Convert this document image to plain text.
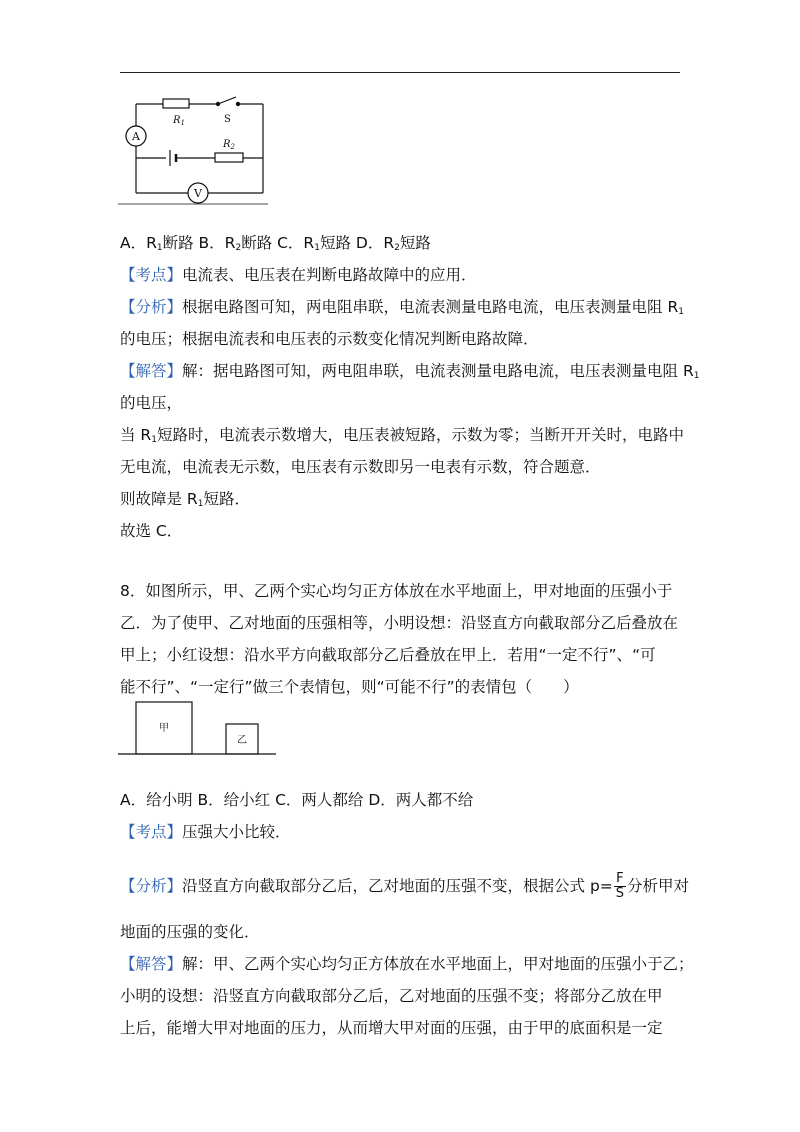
A
V
$R_1$	S
$R_2$
A．$R_1$断路 B．$R_2$断路 C．$R_1$短路 D．$R_2$短路
【考点】电流表、电压表在判断电路故障中的应用．
【分析】根据电路图可知，两电阻串联，电流表测量电路电流，电压表测量电阻 $R_1$
的电压；根据电流表和电压表的示数变化情况判断电路故障．
【解答】解：据电路图可知，两电阻串联，电流表测量电路电流，电压表测量电阻 $R_1$
的电压，
当 $R_1$短路时，电流表示数增大，电压表被短路，示数为零；当断开开关时，电路中
无电流，电流表无示数，电压表有示数即另一电表有示数，符合题意．
则故障是 $R_1$短路．
故选 C．
8．如图所示，甲、乙两个实心均匀正方体放在水平地面上，甲对地面的压强小于
乙．为了使甲、乙对地面的压强相等，小明设想：沿竖直方向截取部分乙后叠放在
甲上；小红设想：沿水平方向截取部分乙后叠放在甲上．若用“一定不行”、“可
能不行”、“一定行”做三个表情包，则“可能不行”的表情包（　　）
甲
乙
A．给小明 B．给小红 C．两人都给 D．两人都不给
【考点】压强大小比较．
【分析】沿竖直方向截取部分乙后，乙对地面的压强不变，根据公式 $p= \frac{F}{S}$ 分析甲对
地面的压强的变化．
【解答】解：甲、乙两个实心均匀正方体放在水平地面上，甲对地面的压强小于乙；
小明的设想：沿竖直方向截取部分乙后，乙对地面的压强不变；将部分乙放在甲
上后，能增大甲对地面的压力，从而增大甲对面的压强，由于甲的底面积是一定
